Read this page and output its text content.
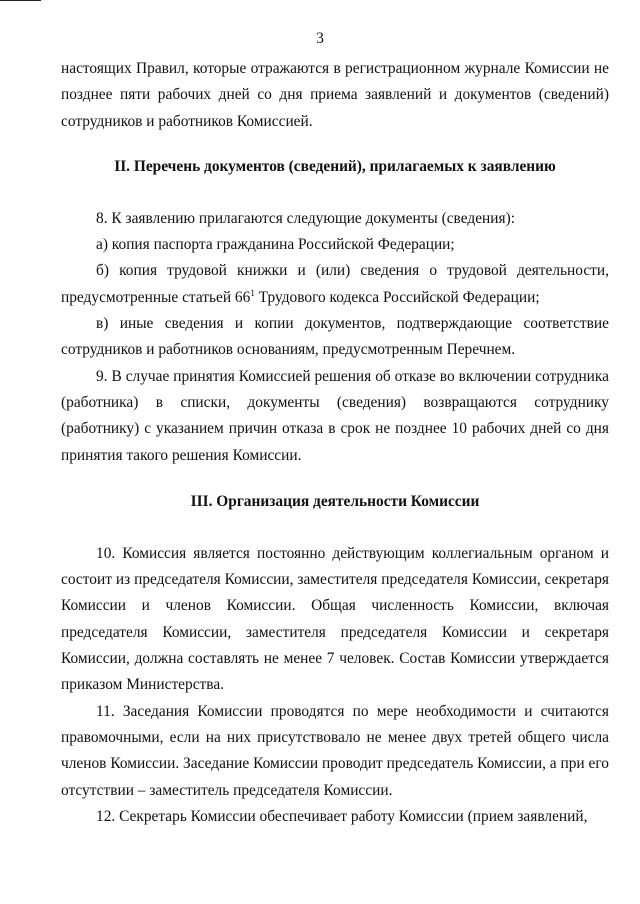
3

настоящих Правил, которые отражаются в регистрационном журнале Комиссии не позднее пяти рабочих дней со дня приема заявлений и документов (сведений) сотрудников и работников Комиссией.

II. Перечень документов (сведений), прилагаемых к заявлению

8. К заявлению прилагаются следующие документы (сведения):

а) копия паспорта гражданина Российской Федерации;

б) копия трудовой книжки и (или) сведения о трудовой деятельности, предусмотренные статьей $66^1$ Трудового кодекса Российской Федерации;

в) иные сведения и копии документов, подтверждающие соответствие сотрудников и работников основаниям, предусмотренным Перечнем.

9. В случае принятия Комиссией решения об отказе во включении сотрудника (работника) в списки, документы (сведения) возвращаются сотруднику (работнику) с указанием причин отказа в срок не позднее 10 рабочих дней со дня принятия такого решения Комиссии.

III. Организация деятельности Комиссии

10. Комиссия является постоянно действующим коллегиальным органом и состоит из председателя Комиссии, заместителя председателя Комиссии, секретаря Комиссии и членов Комиссии. Общая численность Комиссии, включая председателя Комиссии, заместителя председателя Комиссии и секретаря Комиссии, должна составлять не менее 7 человек. Состав Комиссии утверждается приказом Министерства.

11. Заседания Комиссии проводятся по мере необходимости и считаются правомочными, если на них присутствовало не менее двух третей общего числа членов Комиссии. Заседание Комиссии проводит председатель Комиссии, а при его отсутствии – заместитель председателя Комиссии.

12. Секретарь Комиссии обеспечивает работу Комиссии (прием заявлений,
